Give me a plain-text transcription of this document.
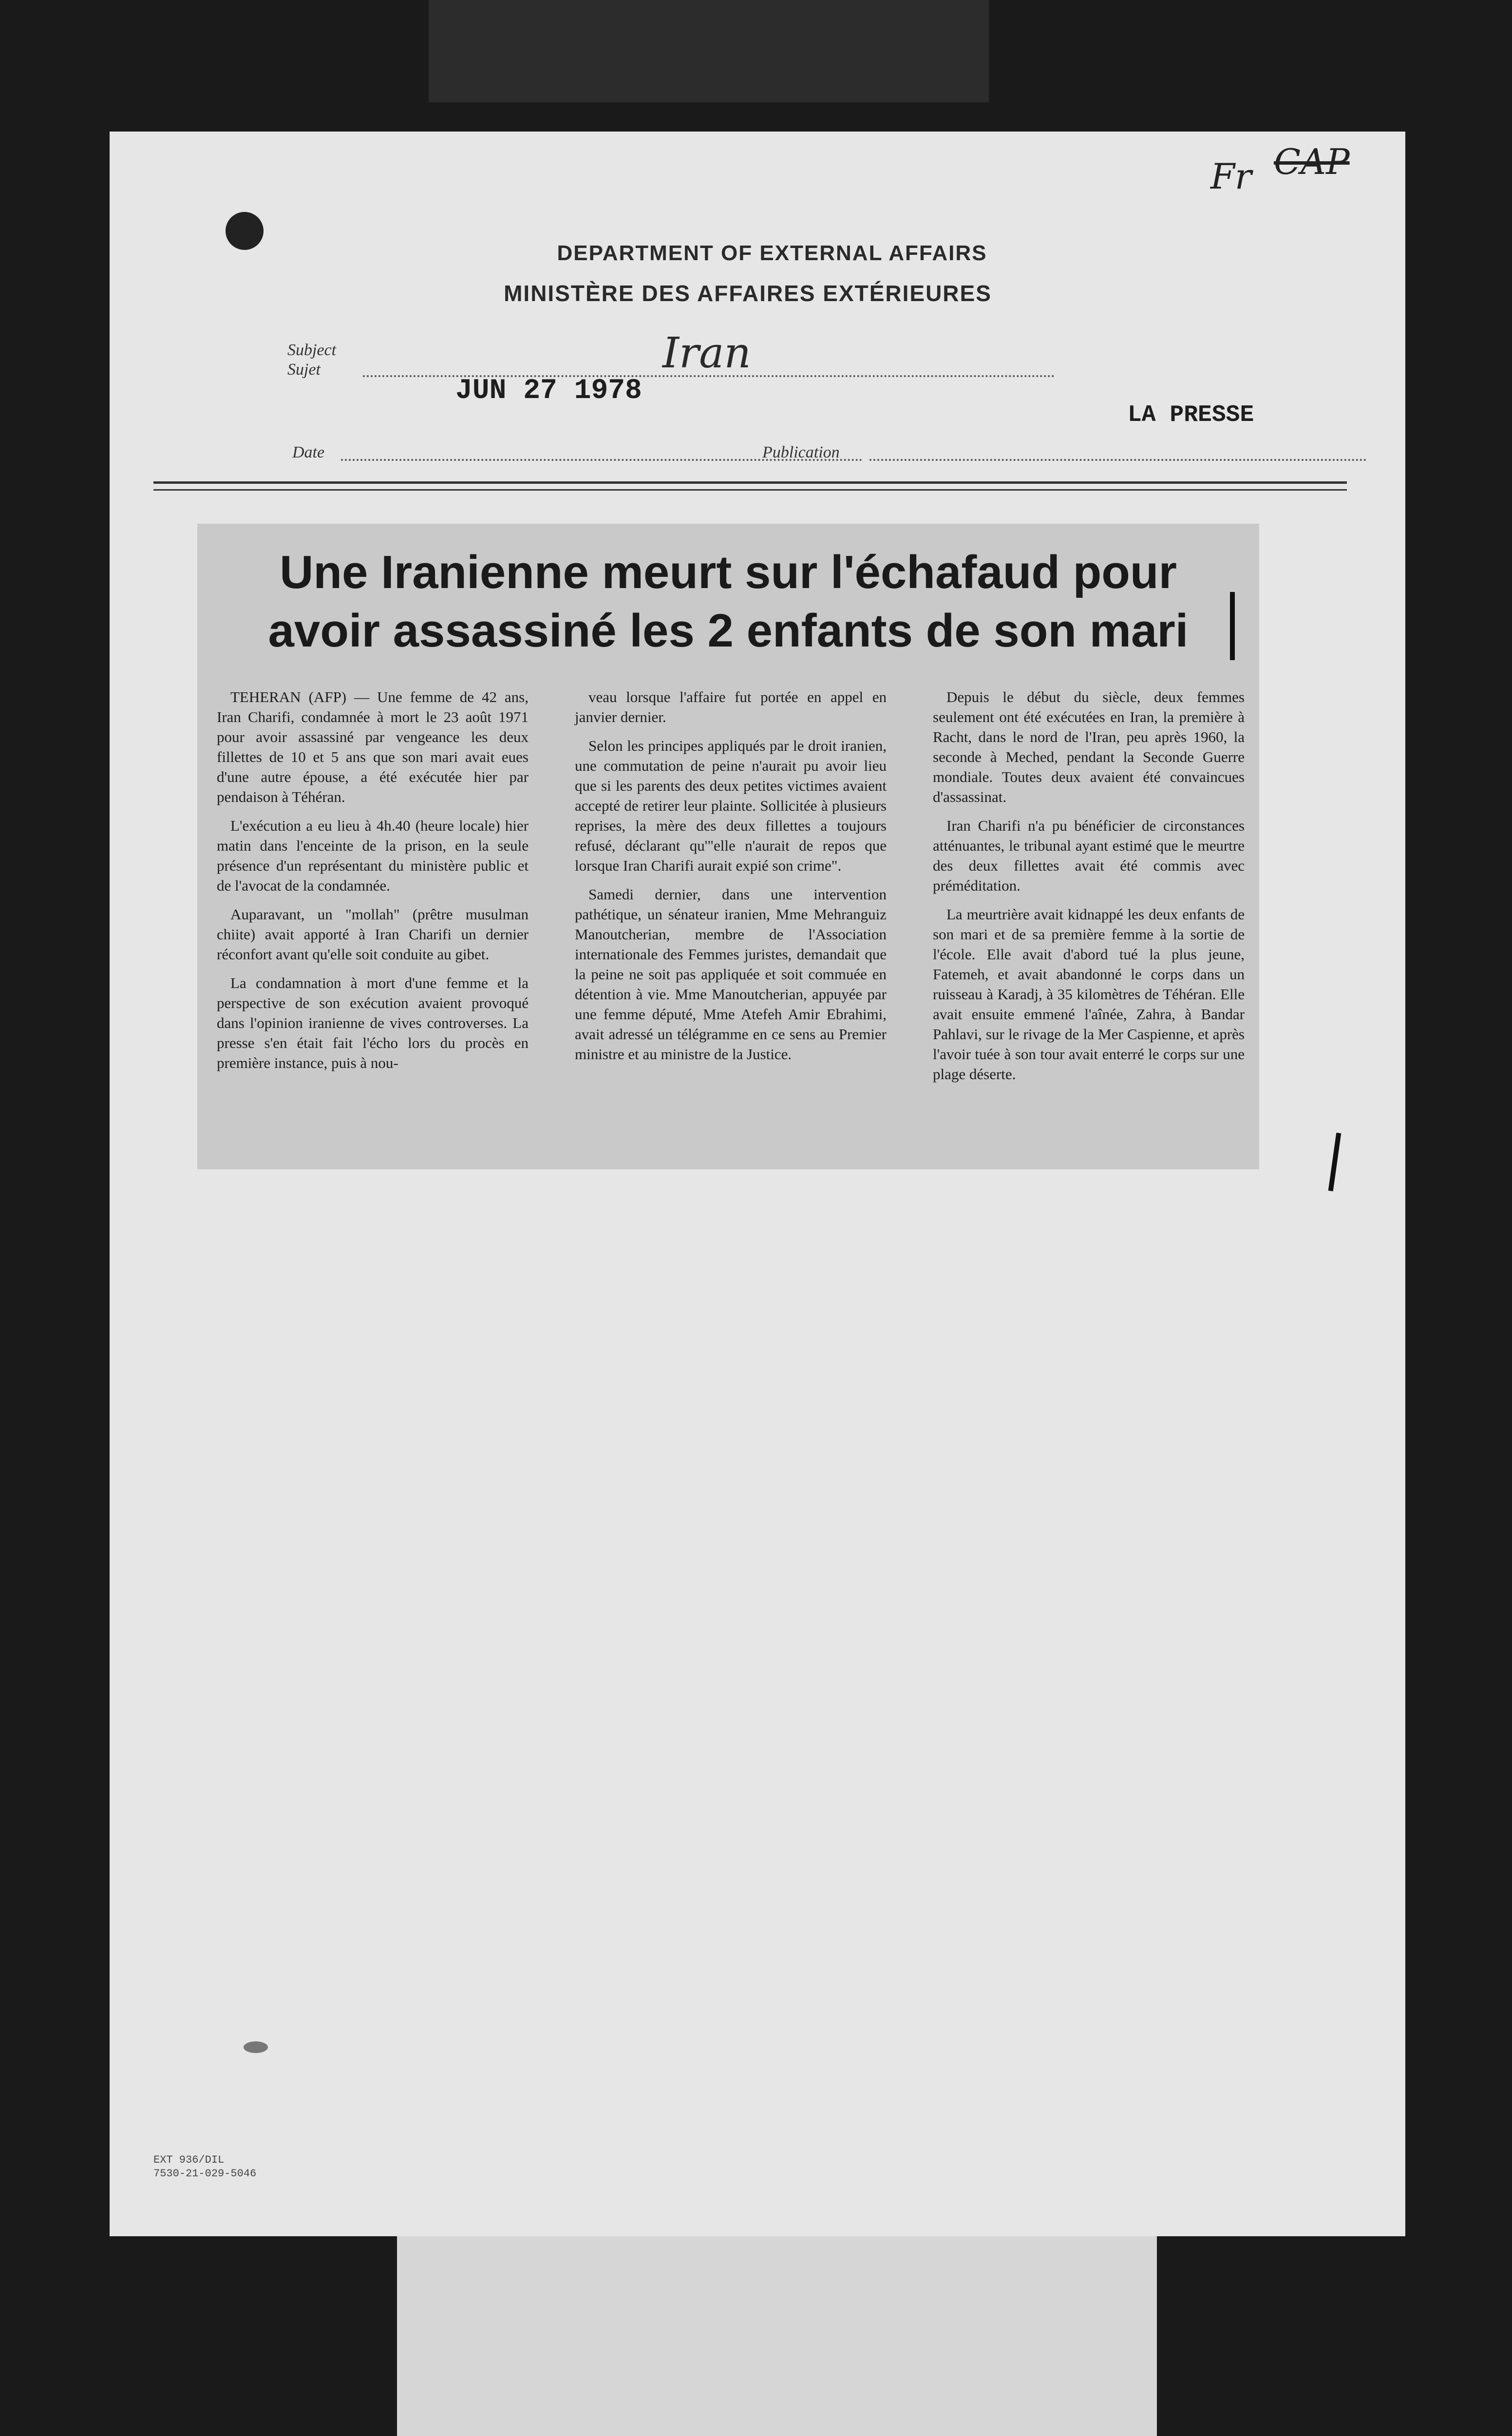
Fr CAP
DEPARTMENT OF EXTERNAL AFFAIRS
MINISTÈRE DES AFFAIRES EXTÉRIEURES
Subject
Sujet	Iran
JUN 27 1978
Date	Publication
LA PRESSE
Une Iranienne meurt sur l'échafaud pour
avoir assassiné les 2 enfants de son mari

TEHERAN (AFP) — Une femme de 42 ans, Iran Charifi, condamnée à mort le 23 août 1971 pour avoir assassiné par vengeance les deux fillettes de 10 et 5 ans que son mari avait eues d'une autre épouse, a été exécutée hier par pendaison à Téhéran.

L'exécution a eu lieu à 4h.40 (heure locale) hier matin dans l'enceinte de la prison, en la seule présence d'un représentant du ministère public et de l'avocat de la condamnée.

Auparavant, un "mollah" (prêtre musulman chiite) avait apporté à Iran Charifi un dernier réconfort avant qu'elle soit conduite au gibet.

La condamnation à mort d'une femme et la perspective de son exécution avaient provoqué dans l'opinion iranienne de vives controverses. La presse s'en était fait l'écho lors du procès en première instance, puis à nou-

veau lorsque l'affaire fut portée en appel en janvier dernier.

Selon les principes appliqués par le droit iranien, une commutation de peine n'aurait pu avoir lieu que si les parents des deux petites victimes avaient accepté de retirer leur plainte. Sollicitée à plusieurs reprises, la mère des deux fillettes a toujours refusé, déclarant qu'"elle n'aurait de repos que lorsque Iran Charifi aurait expié son crime".

Samedi dernier, dans une intervention pathétique, un sénateur iranien, Mme Mehranguiz Manoutcherian, membre de l'Association internationale des Femmes juristes, demandait que la peine ne soit pas appliquée et soit commuée en détention à vie. Mme Manoutcherian, appuyée par une femme député, Mme Atefeh Amir Ebrahimi, avait adressé un télégramme en ce sens au Premier ministre et au ministre de la Justice.

Depuis le début du siècle, deux femmes seulement ont été exécutées en Iran, la première à Racht, dans le nord de l'Iran, peu après 1960, la seconde à Meched, pendant la Seconde Guerre mondiale. Toutes deux avaient été convaincues d'assassinat.

Iran Charifi n'a pu bénéficier de circonstances atténuantes, le tribunal ayant estimé que le meurtre des deux fillettes avait été commis avec préméditation.

La meurtrière avait kidnappé les deux enfants de son mari et de sa première femme à la sortie de l'école. Elle avait d'abord tué la plus jeune, Fatemeh, et avait abandonné le corps dans un ruisseau à Karadj, à 35 kilomètres de Téhéran. Elle avait ensuite emmené l'aînée, Zahra, à Bandar Pahlavi, sur le rivage de la Mer Caspienne, et après l'avoir tuée à son tour avait enterré le corps sur une plage déserte.

EXT 936/DIL
7530-21-029-5046
